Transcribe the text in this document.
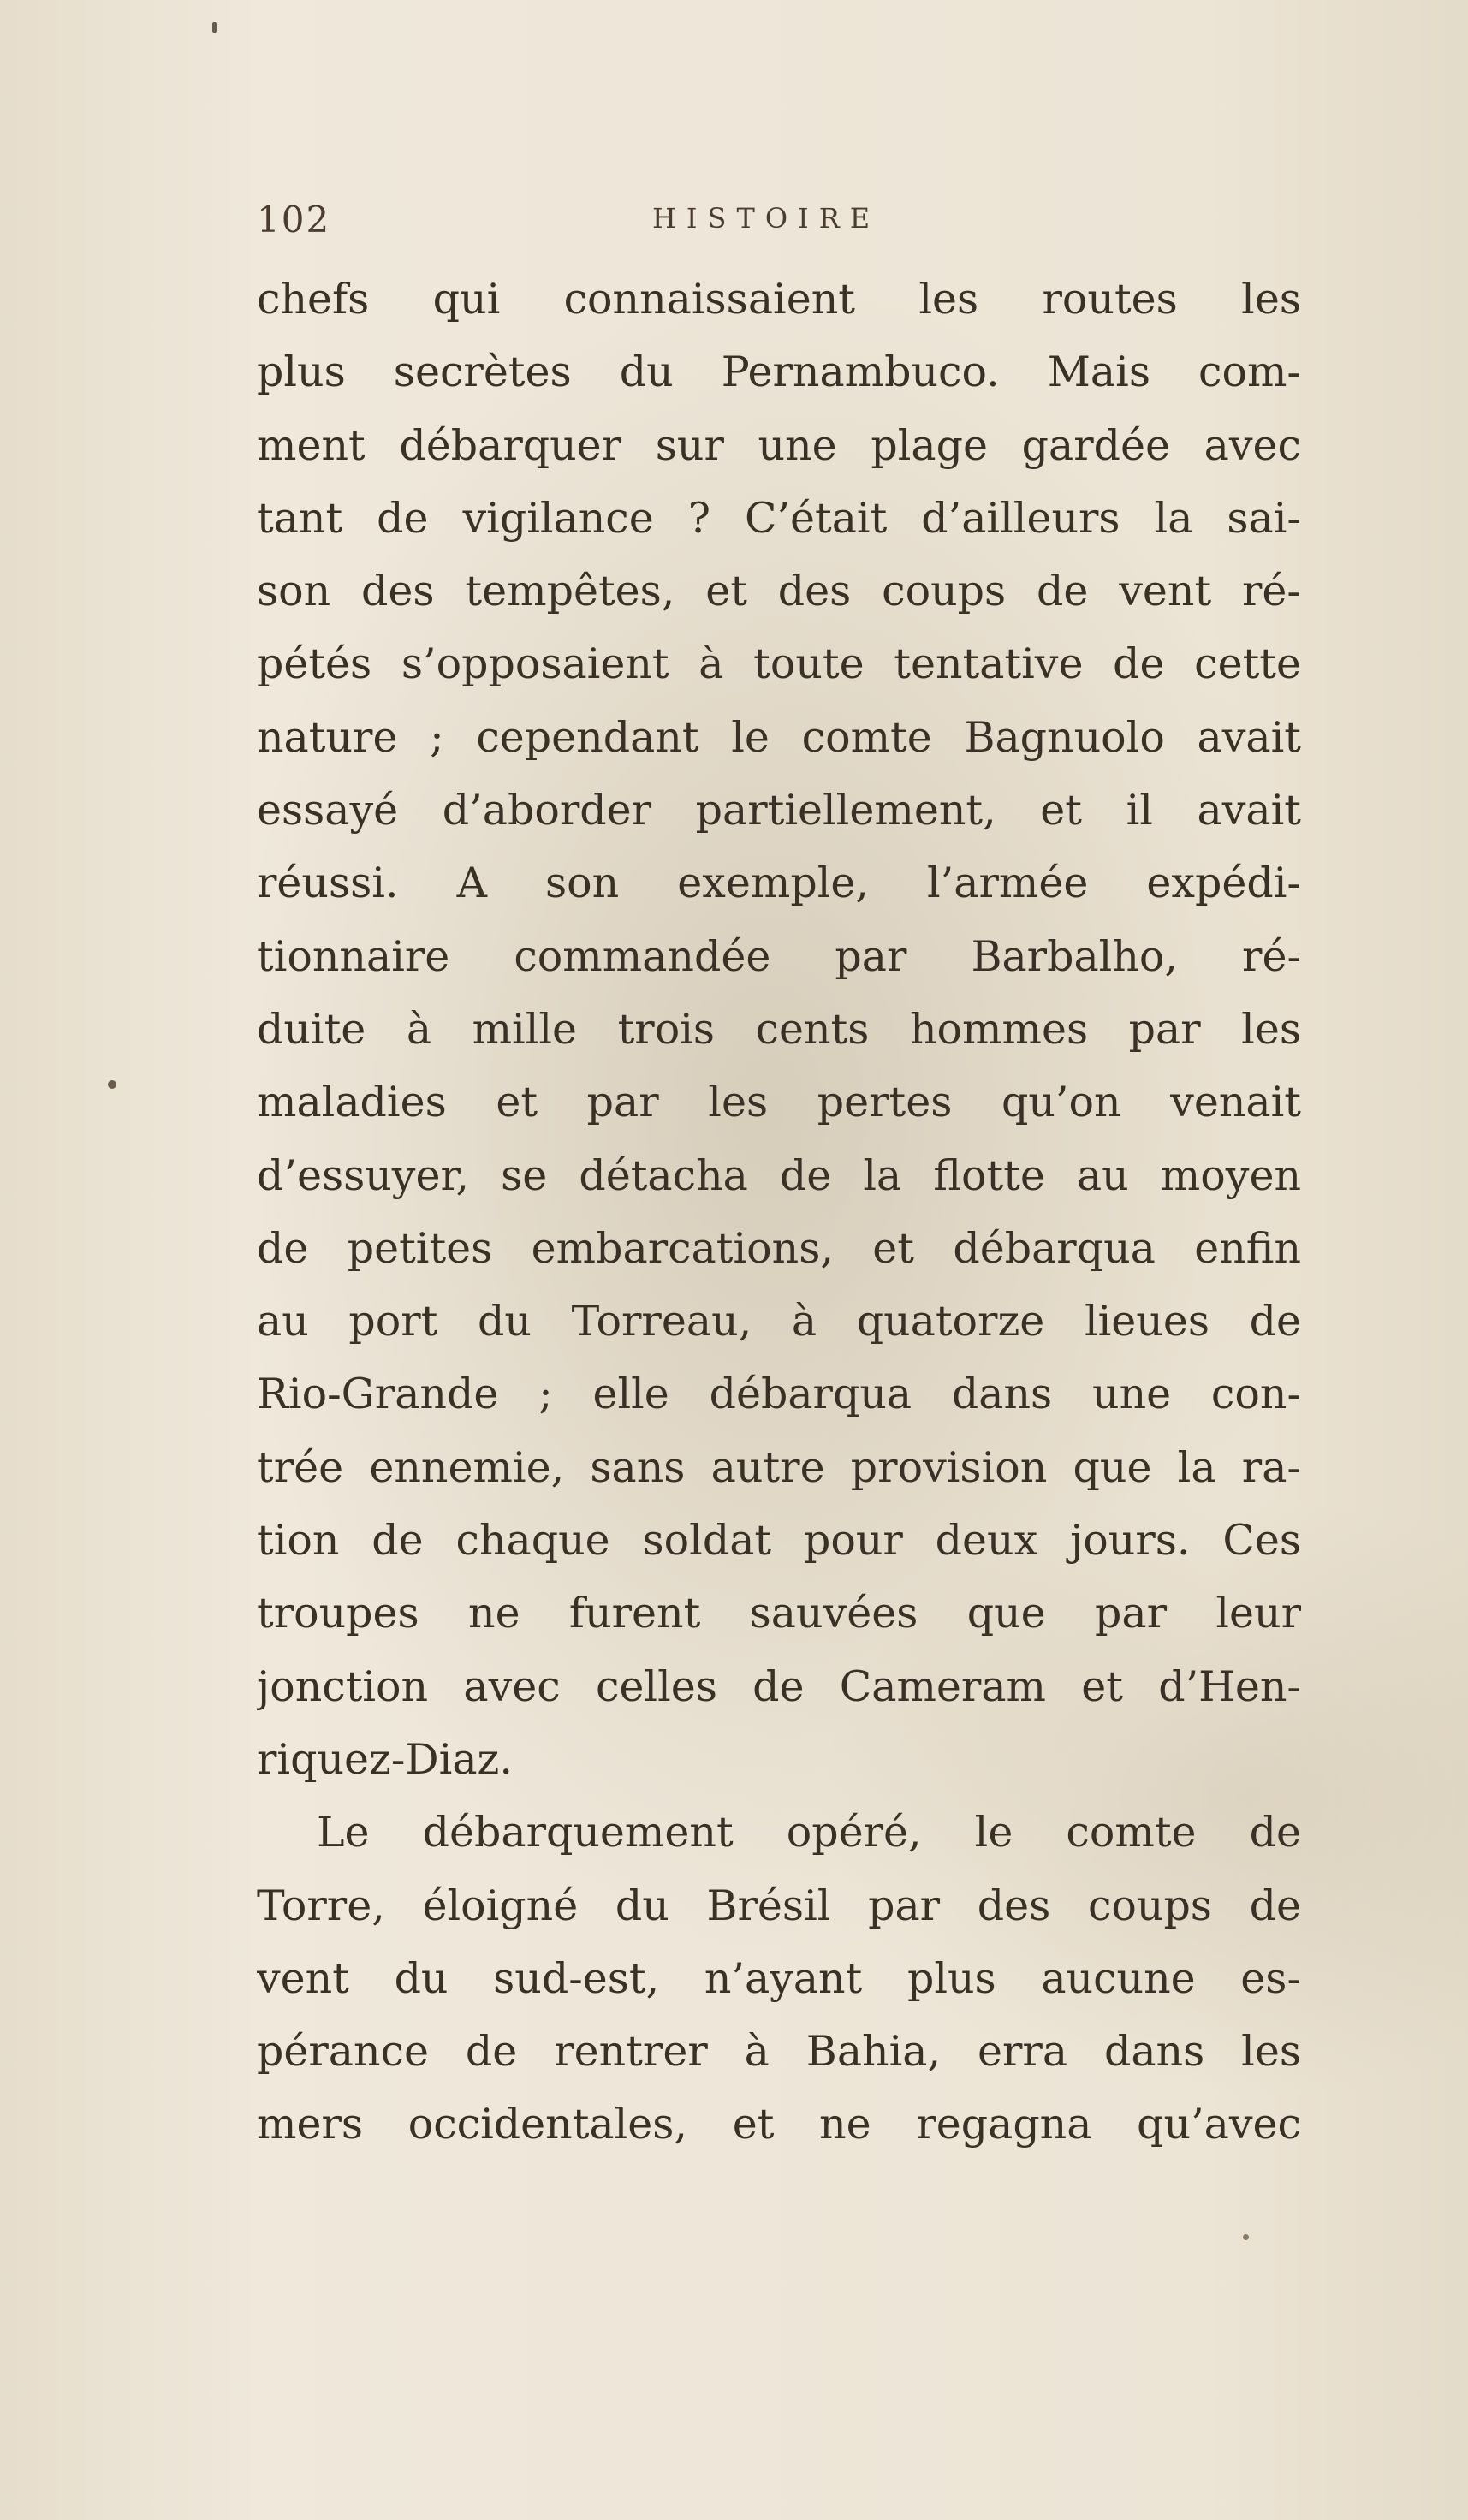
102	HISTOIRE
chefs qui connaissaient les routes les
plus secrètes du Pernambuco. Mais com-
ment débarquer sur une plage gardée avec
tant de vigilance ? C’était d’ailleurs la sai-
son des tempêtes, et des coups de vent ré-
pétés s’opposaient à toute tentative de cette
nature ; cependant le comte Bagnuolo avait
essayé d’aborder partiellement, et il avait
réussi. A son exemple, l’armée expédi-
tionnaire commandée par Barbalho, ré-
duite à mille trois cents hommes par les
maladies et par les pertes qu’on venait
d’essuyer, se détacha de la flotte au moyen
de petites embarcations, et débarqua enfin
au port du Torreau, à quatorze lieues de
Rio-Grande ; elle débarqua dans une con-
trée ennemie, sans autre provision que la ra-
tion de chaque soldat pour deux jours. Ces
troupes ne furent sauvées que par leur
jonction avec celles de Cameram et d’Hen-
riquez-Diaz.
Le débarquement opéré, le comte de
Torre, éloigné du Brésil par des coups de
vent du sud-est, n’ayant plus aucune es-
pérance de rentrer à Bahia, erra dans les
mers occidentales, et ne regagna qu’avec
